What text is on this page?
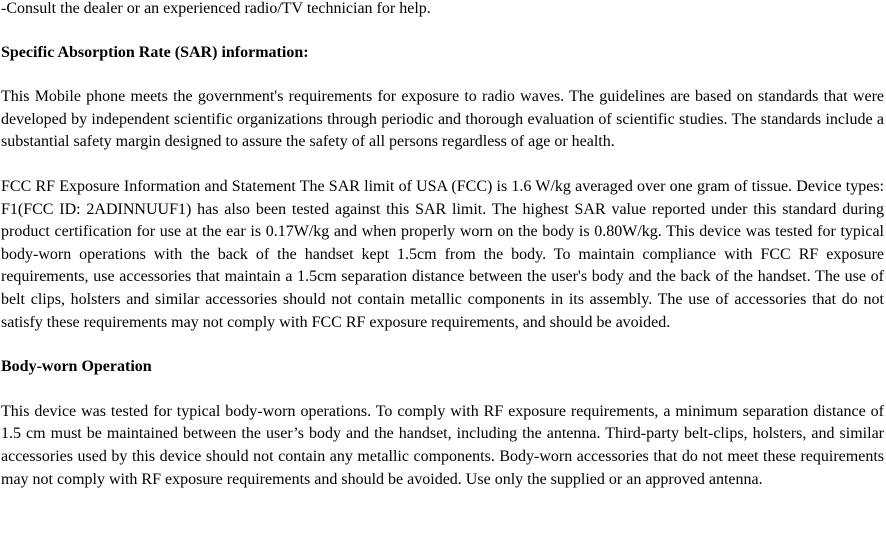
-Consult the dealer or an experienced radio/TV technician for help.

Specific Absorption Rate (SAR) information:

This Mobile phone meets the government's requirements for exposure to radio waves. The guidelines are based on standards that were developed by independent scientific organizations through periodic and thorough evaluation of scientific studies. The standards include a substantial safety margin designed to assure the safety of all persons regardless of age or health.

FCC RF Exposure Information and Statement The SAR limit of USA (FCC) is 1.6 W/kg averaged over one gram of tissue. Device types: F1(FCC ID: 2ADINNUUF1) has also been tested against this SAR limit. The highest SAR value reported under this standard during product certification for use at the ear is 0.17W/kg and when properly worn on the body is 0.80W/kg. This device was tested for typical body-worn operations with the back of the handset kept 1.5cm from the body. To maintain compliance with FCC RF exposure requirements, use accessories that maintain a 1.5cm separation distance between the user's body and the back of the handset. The use of belt clips, holsters and similar accessories should not contain metallic components in its assembly. The use of accessories that do not satisfy these requirements may not comply with FCC RF exposure requirements, and should be avoided.

Body-worn Operation

This device was tested for typical body-worn operations. To comply with RF exposure requirements, a minimum separation distance of 1.5 cm must be maintained between the user’s body and the handset, including the antenna. Third-party belt-clips, holsters, and similar accessories used by this device should not contain any metallic components. Body-worn accessories that do not meet these requirements may not comply with RF exposure requirements and should be avoided. Use only the supplied or an approved antenna.
